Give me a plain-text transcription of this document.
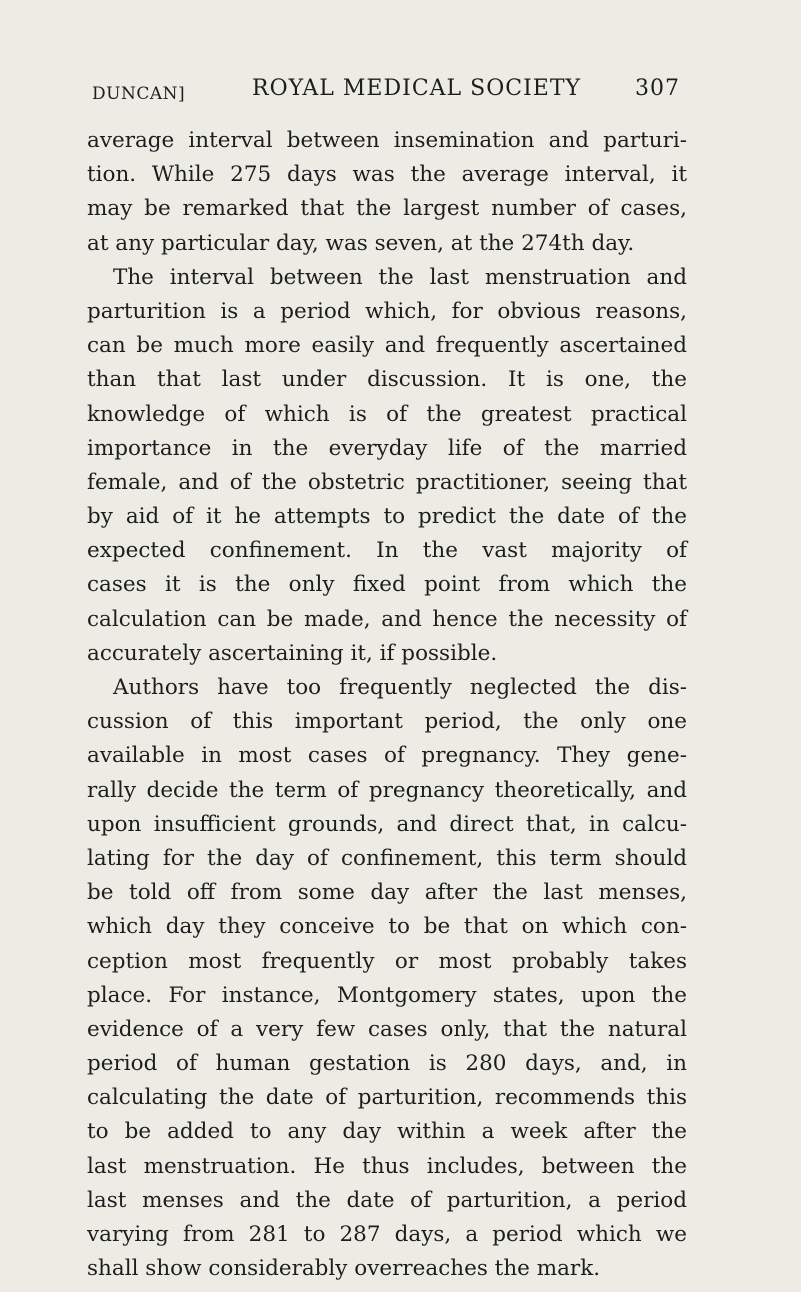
DUNCAN]	ROYAL MEDICAL SOCIETY 307
average interval between insemination and parturi-
tion. While 275 days was the average interval, it
may be remarked that the largest number of cases,
at any particular day, was seven, at the 274th day.
The interval between the last menstruation and
parturition is a period which, for obvious reasons,
can be much more easily and frequently ascertained
than that last under discussion. It is one, the
knowledge of which is of the greatest practical
importance in the everyday life of the married
female, and of the obstetric practitioner, seeing that
by aid of it he attempts to predict the date of the
expected confinement. In the vast majority of
cases it is the only fixed point from which the
calculation can be made, and hence the necessity of
accurately ascertaining it, if possible.
Authors have too frequently neglected the dis-
cussion of this important period, the only one
available in most cases of pregnancy. They gene-
rally decide the term of pregnancy theoretically, and
upon insufficient grounds, and direct that, in calcu-
lating for the day of confinement, this term should
be told off from some day after the last menses,
which day they conceive to be that on which con-
ception most frequently or most probably takes
place. For instance, Montgomery states, upon the
evidence of a very few cases only, that the natural
period of human gestation is 280 days, and, in
calculating the date of parturition, recommends this
to be added to any day within a week after the
last menstruation. He thus includes, between the
last menses and the date of parturition, a period
varying from 281 to 287 days, a period which we
shall show considerably overreaches the mark.
